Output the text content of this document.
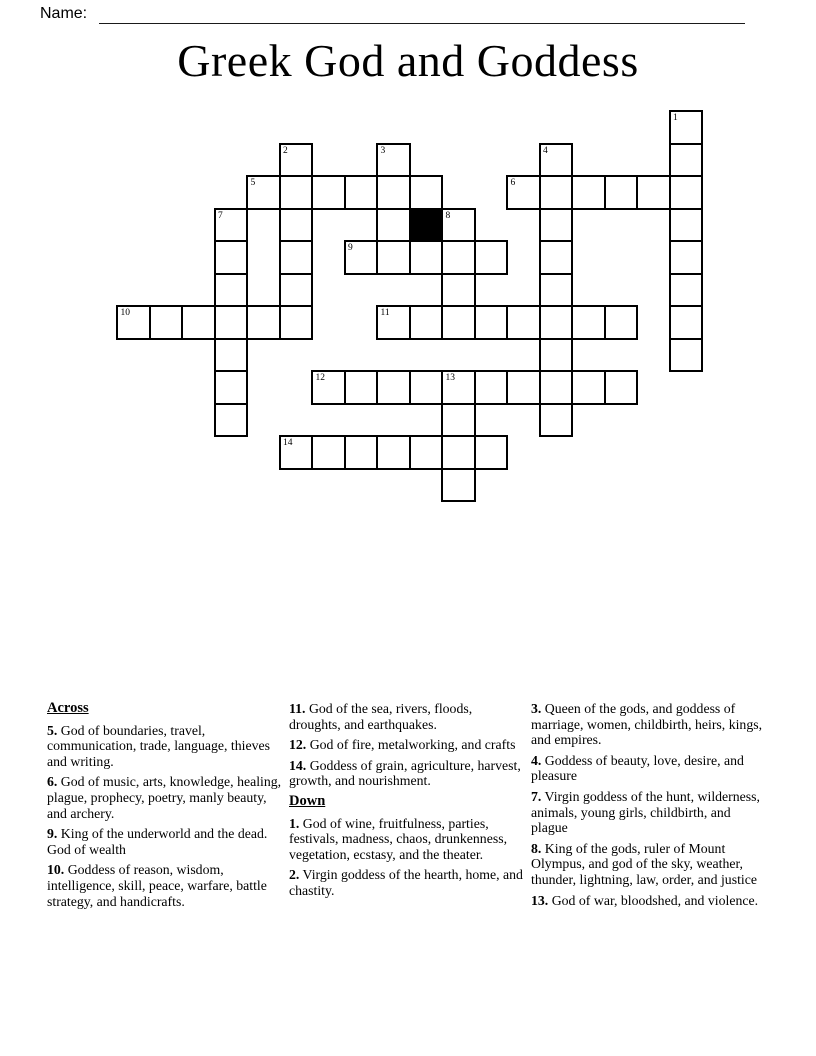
Name:
Greek God and Goddess
1
2	3	4
5	6
7	8
9
10	11
12	13
14
Across

5. God of boundaries, travel, communication, trade, language, thieves and writing.

6. God of music, arts, knowledge, healing, plague, prophecy, poetry, manly beauty, and archery.

9. King of the underworld and the dead. God of wealth

10. Goddess of reason, wisdom, intelligence, skill, peace, warfare, battle strategy, and handicrafts.

11. God of the sea, rivers, floods, droughts, and earthquakes.

12. God of fire, metalworking, and crafts

14. Goddess of grain, agriculture, harvest, growth, and nourishment.

Down

1. God of wine, fruitfulness, parties, festivals, madness, chaos, drunkenness, vegetation, ecstasy, and the theater.

2. Virgin goddess of the hearth, home, and chastity.

3. Queen of the gods, and goddess of marriage, women, childbirth, heirs, kings, and empires.

4. Goddess of beauty, love, desire, and pleasure

7. Virgin goddess of the hunt, wilderness, animals, young girls, childbirth, and plague

8. King of the gods, ruler of Mount Olympus, and god of the sky, weather, thunder, lightning, law, order, and justice

13. God of war, bloodshed, and violence.
